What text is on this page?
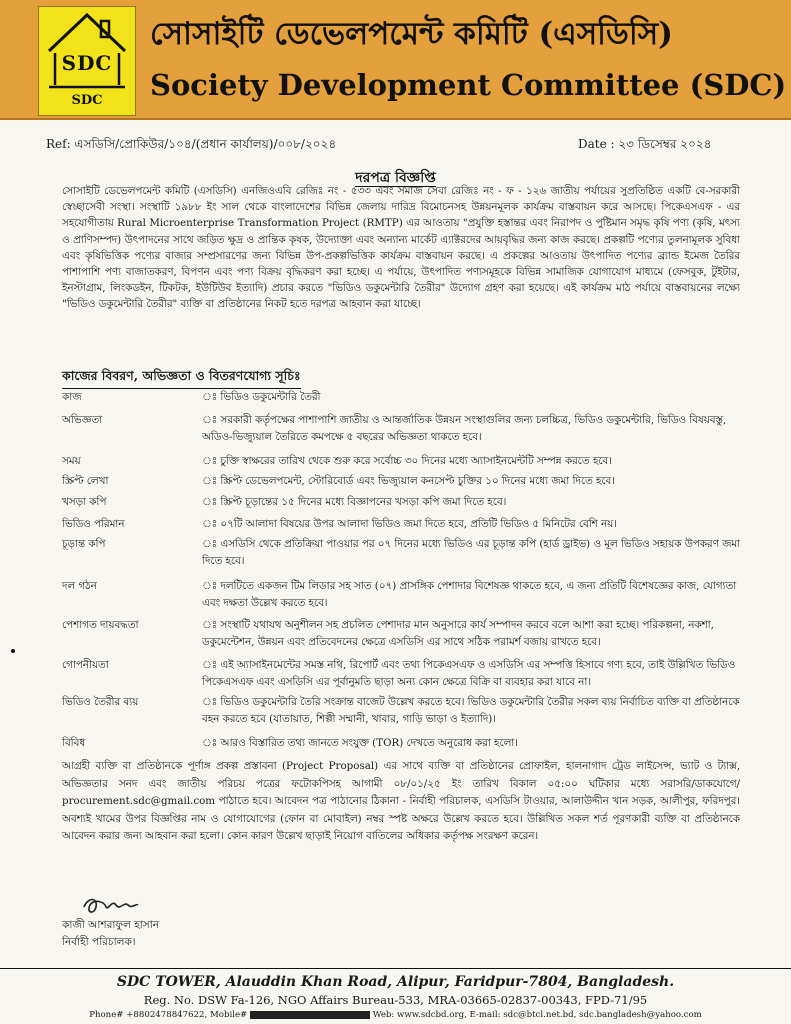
SDC
SDC
সোসাইটি ডেভেলপমেন্ট কমিটি (এসডিসি)
Society Development Committee (SDC)
Ref: এসডিসি/প্রোকিউর/১০৪/(প্রধান কার্যালয়)/০০৮/২০২৪	Date : ২৩ ডিসেম্বর ২০২৪
দরপত্র বিজ্ঞপ্তি
সোসাইটি ডেভেলপমেন্ট কমিটি (এসডিসি) এনজিওএবি রেজিঃ নং - ৫৩৩ এবং সমাজ সেবা রেজিঃ নং - ফ - ১২৬ জাতীয় পর্যায়ের সুপ্রতিষ্ঠিত একটি বে-সরকারী স্বেচ্ছাসেবী সংস্থা। সংস্থাটি ১৯৮৮ ইং সাল থেকে বাংলাদেশের বিভিন্ন জেলায় দারিদ্র বিমোচনসহ উন্নয়নমূলক কার্যক্রম বাস্তবায়ন করে আসছে। পিকেএসএফ - এর সহযোগীতায় Rural Microenterprise Transformation Project (RMTP) এর আওতায় "প্রযুক্তি হস্তান্তর এবং নিরাপদ ও পুষ্টিমান সমৃদ্ধ কৃষি পণ্য (কৃষি, মৎস্য ও প্রাণিসম্পদ) উৎপাদনের সাথে জড়িত ক্ষুদ্র ও প্রান্তিক কৃষক, উদ্যোক্তা এবং অন্যান্য মার্কেট এ্যাক্টরদের আয়বৃদ্ধির জন্য কাজ করছে। প্রকল্পটি পণ্যের তুলনামূলক সুবিধা এবং কৃষিভিত্তিক পণ্যের বাজার সম্প্রসারণের জন্য বিভিন্ন উপ-প্রকল্পভিত্তিক কার্যক্রম বাস্তবায়ন করছে। এ প্রকল্পের আওতায় উৎপাদিত পণ্যের ব্র্যান্ড ইমেজ তৈরির পাশাপাশি পণ্য বাজাতকরণ, বিপণন এবং পণ্য বিক্রয় বৃদ্ধিকরণ করা হচ্ছে। এ পর্যায়ে, উৎপাদিত পণ্যসমূহকে বিভিন্ন সামাজিক যোগাযোগ মাধ্যমে (ফেসবুক, টুইটার, ইনস্টাগ্রাম, লিংকডইন, টিকটক, ইউটিউব ইত্যাদি) প্রচার করতে "ভিডিও ডকুমেন্টারি তৈরীর" উদ্যোগ গ্রহণ করা হয়েছে। এই কার্যক্রম মাঠ পর্যায়ে বাস্তবায়নের লক্ষ্যে "ভিডিও ডকুমেন্টারি তৈরীর" ব্যক্তি বা প্রতিষ্ঠানের নিকট হতে দরপত্র আহবান করা যাচ্ছে।
কাজের বিবরণ, অভিজ্ঞতা ও বিতরণযোগ্য সূচিঃ
কাজ	ঃ ভিডিও ডকুমেন্টারি তৈরী
অভিজ্ঞতা	ঃ সরকারী কর্তৃপক্ষের পাশাপাশি জাতীয় ও আন্তর্জাতিক উন্নয়ন সংস্থাগুলির জন্য চলচ্চিত্র, ভিডিও ডকুমেন্টারি, ভিডিও বিষয়বস্তু, অডিও-ভিজ্যুয়াল তৈরিতে কমপক্ষে ৫ বছরের অভিজ্ঞতা থাকতে হবে।
সময়	ঃ চুক্তি স্বাক্ষরের তারিখ থেকে শুরু করে সর্বোচ্চ ৩০ দিনের মধ্যে অ্যাসাইনমেন্টটি সম্পন্ন করতে হবে।
স্ক্রিপ্ট লেখা	ঃ স্ক্রিপ্ট ডেভেলপমেন্ট, স্টোরিবোর্ড এবং ভিজ্যুয়াল কনসেপ্ট চুক্তির ১০ দিনের মধ্যে জমা দিতে হবে।
খসড়া কপি	ঃ স্ক্রিপ্ট চূড়ান্তের ১৫ দিনের মধ্যে বিজ্ঞাপনের খসড়া কপি জমা দিতে হবে।
ভিডিও পরিমান	ঃ ০৭টি আলাদা বিষয়ের উপর আলাদা ভিডিও জমা দিতে হবে, প্রতিটি ভিডিও ৫ মিনিটের বেশি নয়।
চূড়ান্ত কপি	ঃ এসডিসি থেকে প্রতিক্রিয়া পাওয়ার পর ০৭ দিনের মধ্যে ভিডিও এর চূড়ান্ত কপি (হার্ড ড্রাইভ) ও মূল ভিডিও সহায়ক উপকরণ জমা দিতে হবে।
দল গঠন	ঃ দলটিতে একজন টিম লিডার সহ সাত (০৭) প্রাসঙ্গিক পেশাদার বিশেষজ্ঞ থাকতে হবে, এ জন্য প্রতিটি বিশেষজ্ঞের কাজ, যোগ্যতা এবং দক্ষতা উল্লেখ করতে হবে।
পেশাগত দায়বদ্ধতা	ঃ সংস্থাটি যথাযথ অনুশীলন সহ প্রচলিত পেশাদার মান অনুসারে কার্য সম্পাদন করবে বলে আশা করা হচ্ছে। পরিকল্পনা, নকশা, ডকুমেন্টেশন, উন্নয়ন এবং প্রতিবেদনের ক্ষেত্রে এসডিসি এর সাথে সঠিক পরামর্শ বজায় রাখতে হবে।
গোপনীয়তা	ঃ এই অ্যাসাইনমেন্টের সমস্ত নথি, রিপোর্ট এবং তথ্য পিকেএসএফ ও এসডিসি এর সম্পত্তি হিসাবে গণ্য হবে, তাই উল্লিখিত ভিডিও পিকেএসএফ এবং এসডিসি এর পূর্বানুমতি ছাড়া অন্য কোন ক্ষেত্রে বিক্রি বা ব্যবহার করা যাবে না।
ভিডিও তৈরীর ব্যয়	ঃ ভিডিও ডকুমেন্টারি তৈরি সংক্রান্ত বাজেট উল্লেখ করতে হবে। ভিডিও ডকুমেন্টারি তৈরীর সকল ব্যয় নির্বাচিত ব্যক্তি বা প্রতিষ্ঠানকে বহন করতে হবে (যাতায়াত, শিল্পী সম্মানী, খাবার, গাড়ি ভাড়া ও ইত্যাদি)।
বিবিধ	ঃ আরও বিস্তারিত তথ্য জানতে সংযুক্ত (TOR) দেখতে অনুরোধ করা হলো।
আগ্রহী ব্যক্তি বা প্রতিষ্ঠানকে পূর্ণাঙ্গ প্রকল্প প্রস্তাবনা (Project Proposal) এর সাথে ব্যক্তি বা প্রতিষ্ঠানের প্রোফাইল, হালনাগাদ ট্রেড লাইসেন্স, ভ্যাট ও ট্যাক্স, অভিজ্ঞতার সনদ এবং জাতীয় পরিচয় পত্রের ফটোকপিসহ আগামী ০৮/০১/২৫ ইং তারিখ বিকাল ০৫:০০ ঘটিকার মধ্যে সরাসরি/ডাকযোগে/ procurement.sdc@gmail.com পাঠাতে হবে। আবেদন পত্র পাঠানোর ঠিকানা - নির্বাহী পরিচালক, এসডিসি টাওয়ার, আলাউদ্দীন খান সড়ক, আলীপুর, ফরিদপুর। অবশ্যই খামের উপর বিজ্ঞপ্তির নাম ও যোগাযোগের (ফোন বা মোবাইল) নম্বর স্পষ্ট অক্ষরে উল্লেখ করতে হবে। উল্লিখিত সকল শর্ত পূরণকারী ব্যক্তি বা প্রতিষ্ঠানকে আবেদন করার জন্য আহবান করা হলো। কোন কারণ উল্লেখ ছাড়াই নিয়োগ বাতিলের অধিকার কর্তৃপক্ষ সংরক্ষণ করেন।
কাজী আশরাফুল হাসান
নির্বাহী পরিচালক।
SDC TOWER, Alauddin Khan Road, Alipur, Faridpur-7804, Bangladesh.
Reg. No. DSW Fa-126, NGO Affairs Bureau-533, MRA-03665-02837-00343, FPD-71/95
Phone# +8802478847622, Mobile#	Web: www.sdcbd.org, E-mail: sdc@btcl.net.bd, sdc.bangladesh@yahoo.com
